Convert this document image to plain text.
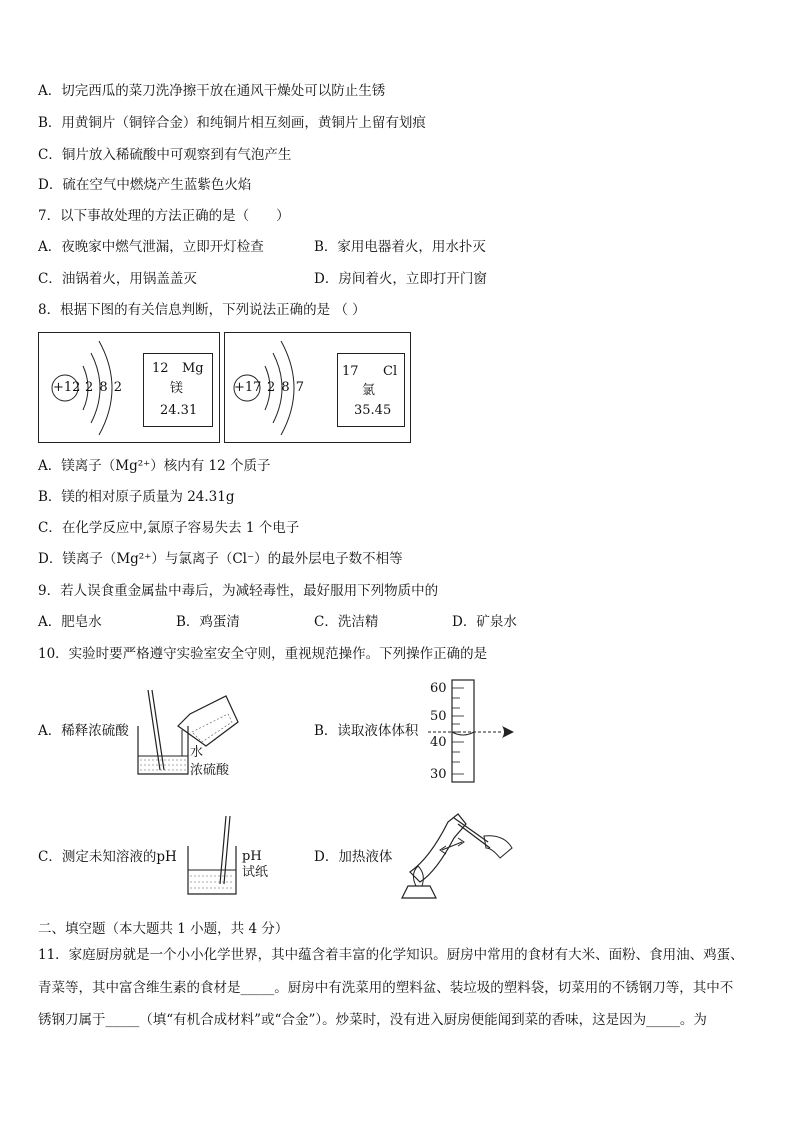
A．切完西瓜的菜刀洗净擦干放在通风干燥处可以防止生锈
B．用黄铜片（铜锌合金）和纯铜片相互刻画，黄铜片上留有划痕
C．铜片放入稀硫酸中可观察到有气泡产生
D．硫在空气中燃烧产生蓝紫色火焰
7．以下事故处理的方法正确的是（　　）
A．夜晚家中燃气泄漏，立即开灯检查	B．家用电器着火，用水扑灭
C．油锅着火，用锅盖盖灭	D．房间着火，立即打开门窗
8．根据下图的有关信息判断，下列说法正确的是 （ ）
+12 2 8 2
12 Mg
镁
24.31
+17 2 8 7
17 Cl
氯
35.45
A．镁离子（Mg²⁺）核内有 12 个质子
B．镁的相对原子质量为 24.31g
C．在化学反应中,氯原子容易失去 1 个电子
D．镁离子（Mg²⁺）与氯离子（Cl⁻）的最外层电子数不相等
9．若人误食重金属盐中毒后，为减轻毒性，最好服用下列物质中的
A．肥皂水	B．鸡蛋清	C．洗洁精	D．矿泉水
10．实验时要严格遵守实验室安全守则，重视规范操作。下列操作正确的是
A．稀释浓硫酸
水
浓硫酸
B．读取液体体积
60
50
40
30
C．测定未知溶液的pH	pH
试纸
D．加热液体
二、填空题（本大题共 1 小题，共 4 分）
11．家庭厨房就是一个小小化学世界，其中蕴含着丰富的化学知识。厨房中常用的食材有大米、面粉、食用油、鸡蛋、
青菜等，其中富含维生素的食材是_____。厨房中有洗菜用的塑料盆、装垃圾的塑料袋，切菜用的不锈钢刀等，其中不
锈钢刀属于_____（填“有机合成材料”或“合金”）。炒菜时，没有进入厨房便能闻到菜的香味，这是因为_____。为
